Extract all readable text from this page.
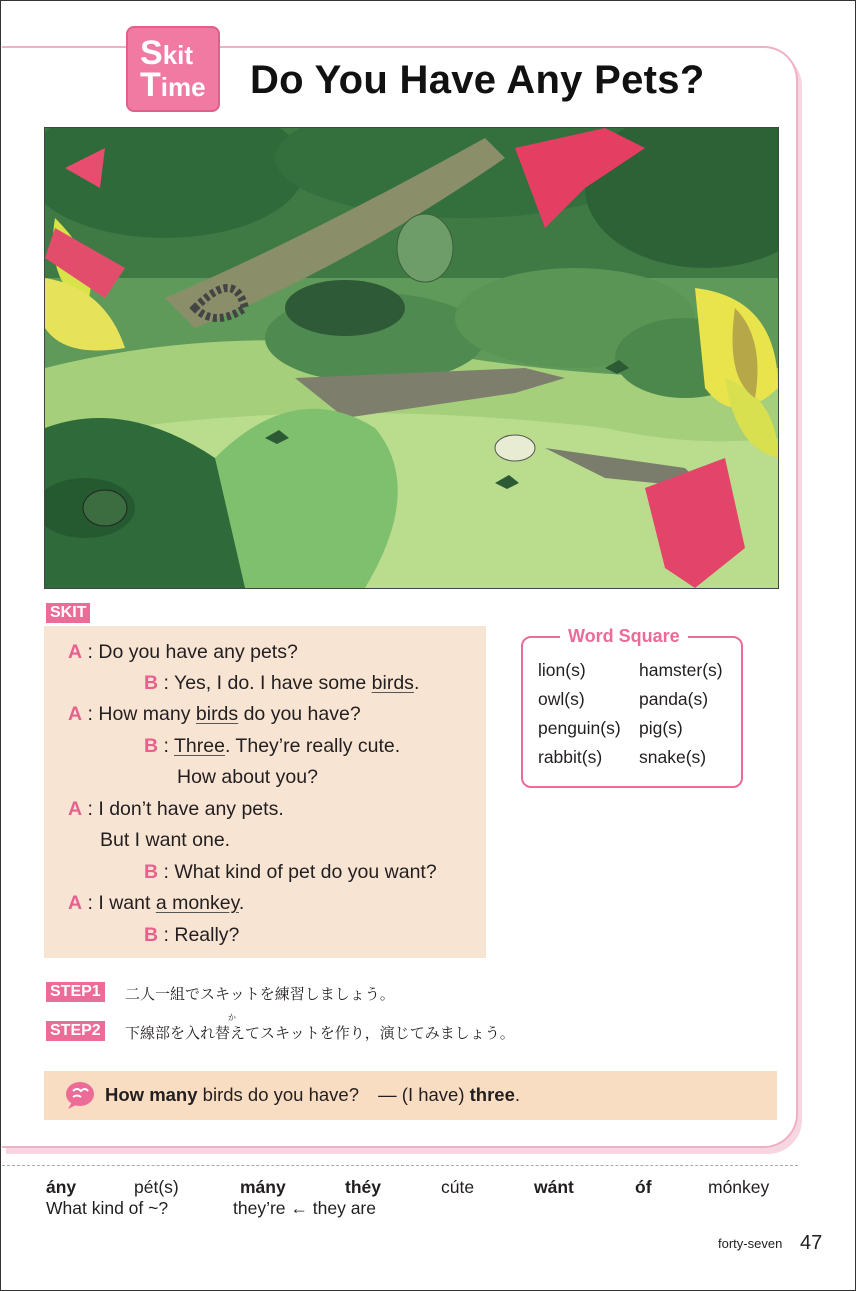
Skit
Time Do You Have Any Pets?
SKIT
A : Do you have any pets?
B : Yes, I do. I have some birds.
A : How many birds do you have?
B : Three. They’re really cute.
How about you?
A : I don’t have any pets.
But I want one.
B : What kind of pet do you want?
A : I want a monkey.
B : Really?
Word Square
lion(s)	hamster(s)
owl(s)	panda(s)
penguin(s) pig(s)
rabbit(s) snake(s)
STEP1 二人一組でスキットを練習しましょう。
STEP2 下線部を入れ替えてスキットを作り，演じてみましょう。
か
How many birds do you have? — (I have) three.
ány	pét(s)	mány	théy	cúte	wánt	óf	mónkey
What kind of ~?	they’re ← they are
forty-seven 47
